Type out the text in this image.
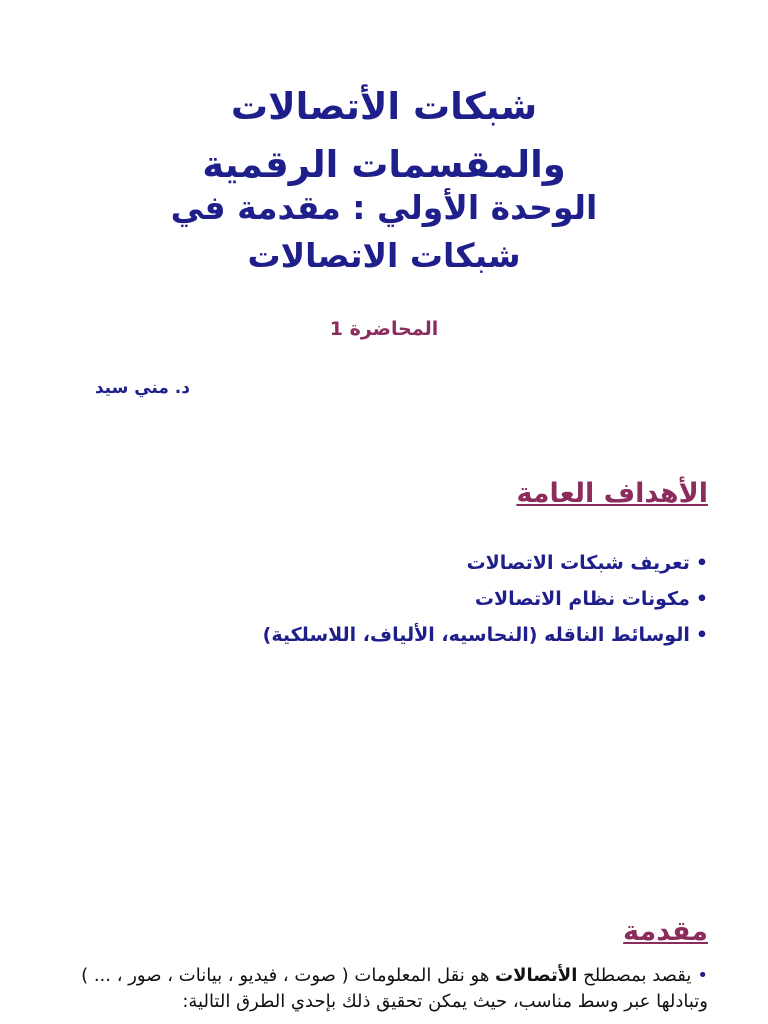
شبكات الأتصالات
والمقسمات الرقمية
الوحدة الأولي : مقدمة في
شبكات الاتصالات
المحاضرة 1
د. مني سيد
الأهداف العامة
•تعريف شبكات الاتصالات
•مكونات نظام الاتصالات
•الوسائط الناقله (النحاسيه، الألياف، اللاسلكية)
مقدمة
•يقصد بمصطلح الأتصالات هو نقل المعلومات ( صوت ، فيديو ، بيانات ، صور ، ... ) وتبادلها عبر وسط مناسب، حيث يمكن تحقيق ذلك بإحدي الطرق التالية:
